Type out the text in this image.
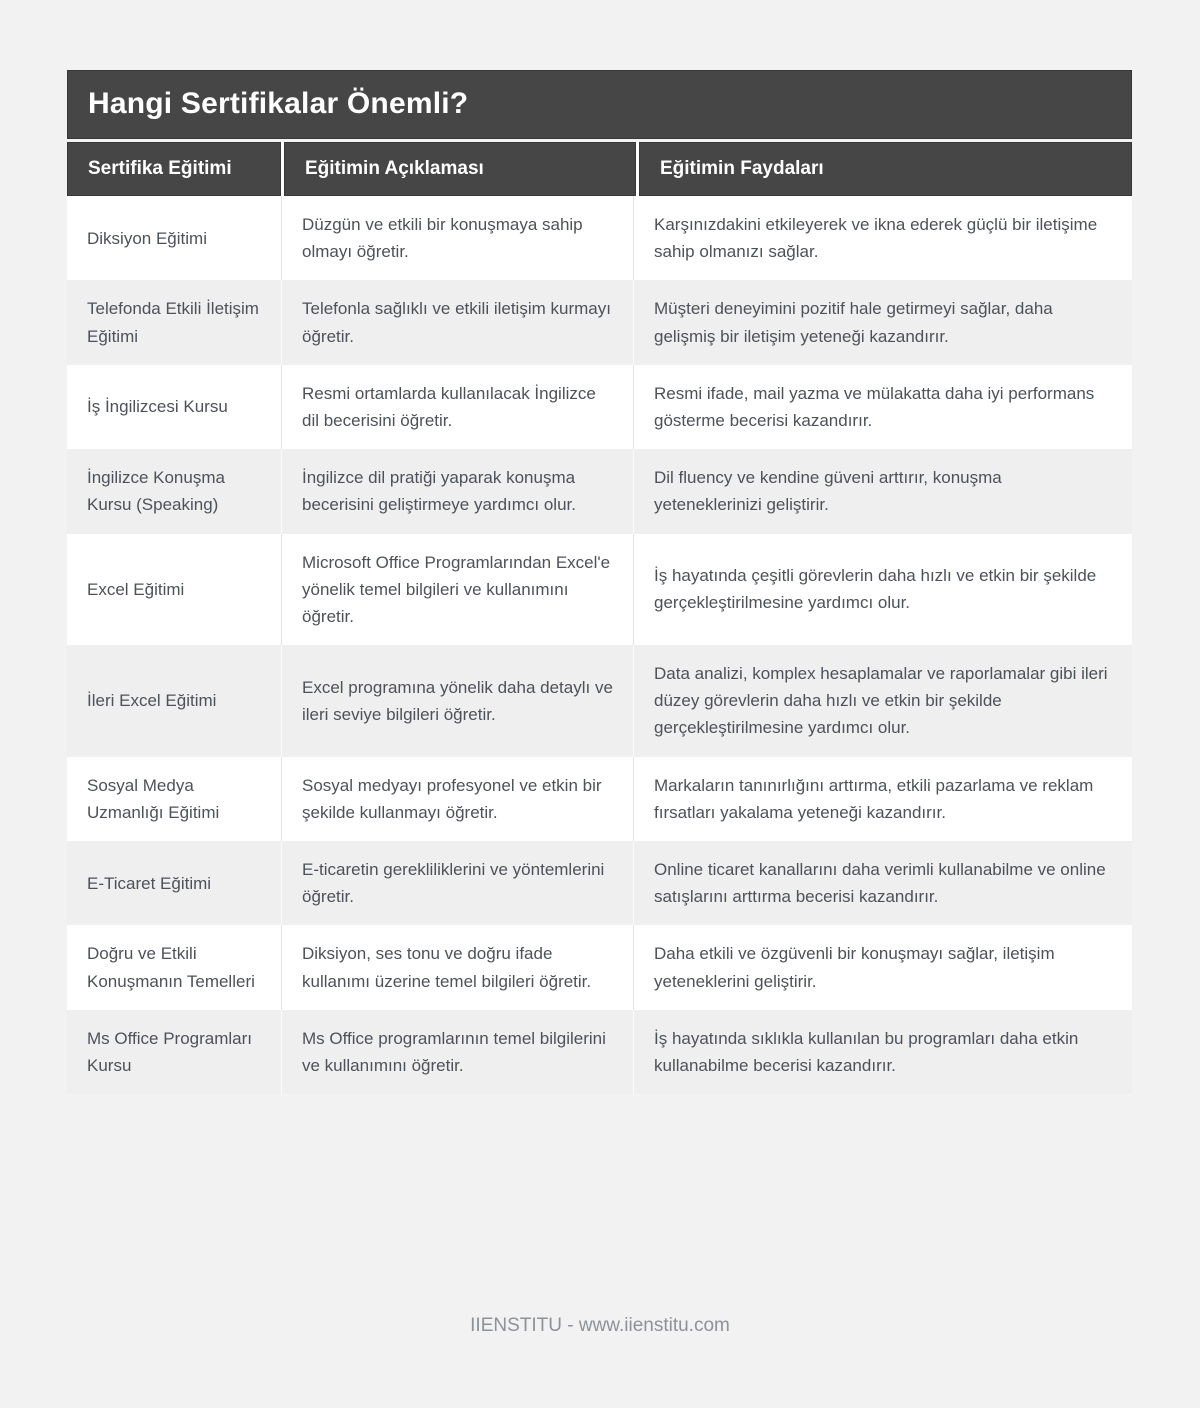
Hangi Sertifikalar Önemli?
Sertifika Eğitimi	Eğitimin Açıklaması	Eğitimin Faydaları
Diksiyon Eğitimi
Düzgün ve etkili bir konuşmaya sahip olmayı öğretir.
Karşınızdakini etkileyerek ve ikna ederek güçlü bir iletişime sahip olmanızı sağlar.
Telefonda Etkili İletişim Eğitimi
Telefonla sağlıklı ve etkili iletişim kurmayı öğretir.
Müşteri deneyimini pozitif hale getirmeyi sağlar, daha gelişmiş bir iletişim yeteneği kazandırır.
İş İngilizcesi Kursu
Resmi ortamlarda kullanılacak İngilizce dil becerisini öğretir.
Resmi ifade, mail yazma ve mülakatta daha iyi performans gösterme becerisi kazandırır.
İngilizce Konuşma Kursu (Speaking)
İngilizce dil pratiği yaparak konuşma becerisini geliştirmeye yardımcı olur.
Dil fluency ve kendine güveni arttırır, konuşma yeteneklerinizi geliştirir.
Excel Eğitimi
Microsoft Office Programlarından Excel'e yönelik temel bilgileri ve kullanımını öğretir.
İş hayatında çeşitli görevlerin daha hızlı ve etkin bir şekilde gerçekleştirilmesine yardımcı olur.
İleri Excel Eğitimi
Excel programına yönelik daha detaylı ve ileri seviye bilgileri öğretir.
Data analizi, komplex hesaplamalar ve raporlamalar gibi ileri düzey görevlerin daha hızlı ve etkin bir şekilde gerçekleştirilmesine yardımcı olur.
Sosyal Medya Uzmanlığı Eğitimi
Sosyal medyayı profesyonel ve etkin bir şekilde kullanmayı öğretir.
Markaların tanınırlığını arttırma, etkili pazarlama ve reklam fırsatları yakalama yeteneği kazandırır.
E-Ticaret Eğitimi
E-ticaretin gerekliliklerini ve yöntemlerini öğretir.
Online ticaret kanallarını daha verimli kullanabilme ve online satışlarını arttırma becerisi kazandırır.
Doğru ve Etkili Konuşmanın Temelleri
Diksiyon, ses tonu ve doğru ifade kullanımı üzerine temel bilgileri öğretir.
Daha etkili ve özgüvenli bir konuşmayı sağlar, iletişim yeteneklerini geliştirir.
Ms Office Programları Kursu
Ms Office programlarının temel bilgilerini ve kullanımını öğretir.
İş hayatında sıklıkla kullanılan bu programları daha etkin kullanabilme becerisi kazandırır.
IIENSTITU - www.iienstitu.com
